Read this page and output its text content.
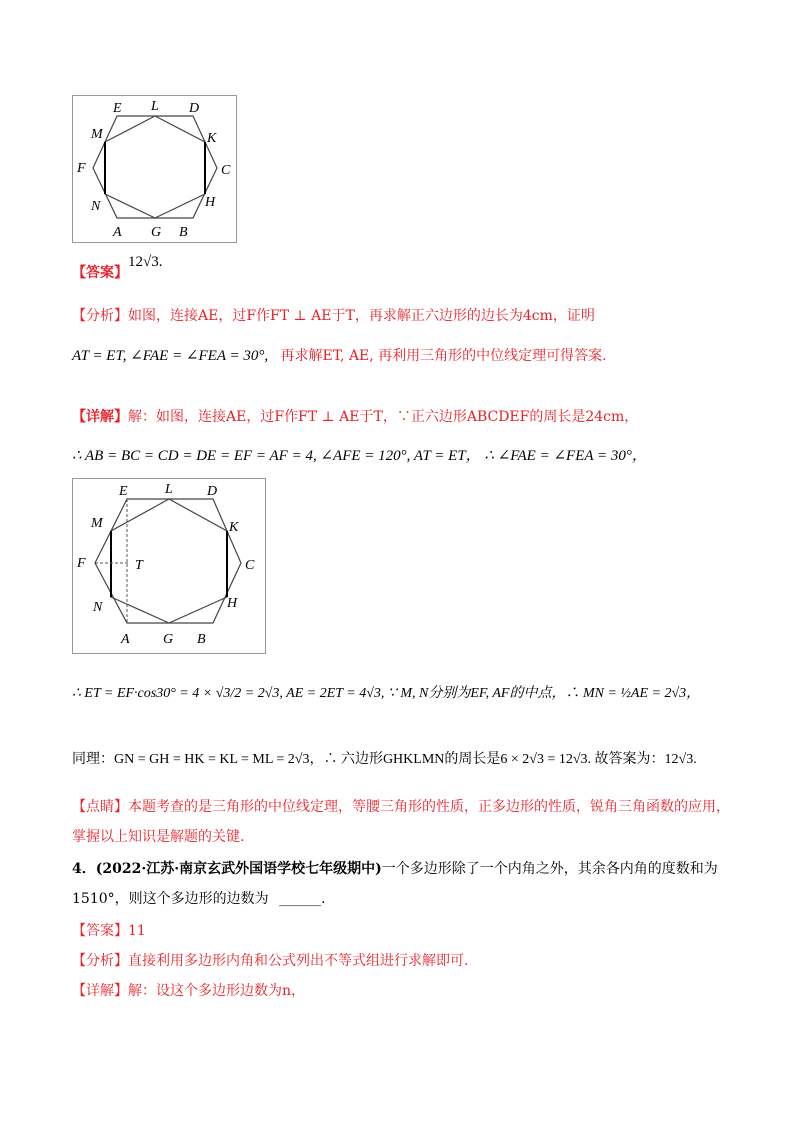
E L D
M	K
F	C
N	H
A G B
【答案】
12√3.
【分析】如图，连接AE，过F作FT ⊥ AE于T，再求解正六边形的边长为4cm，证明
AT = ET, ∠FAE = ∠FEA = 30°, 再求解ET, AE, 再利用三角形的中位线定理可得答案.
【详解】解：如图，连接AE，过F作FT ⊥ AE于T，∵正六边形ABCDEF的周长是24cm，
∴ AB = BC = CD = DE = EF = AF = 4, ∠AFE = 120°, AT = ET， ∴ ∠FAE = ∠FEA = 30°，
E	L D
M	K
F	T	C
N	H
A G B
∴ ET = EF·cos30° = 4 × √3/2 = 2√3, AE = 2ET = 4√3, ∵ M, N分别为EF, AF的中点，∴ MN = ½AE = 2√3，
同理：GN = GH = HK = KL = ML = 2√3，∴ 六边形GHKLMN的周长是6 × 2√3 = 12√3. 故答案为：12√3.
【点睛】本题考查的是三角形的中位线定理，等腰三角形的性质，正多边形的性质，锐角三角函数的应用，
掌握以上知识是解题的关键.
4．(2022·江苏·南京玄武外国语学校七年级期中)一个多边形除了一个内角之外，其余各内角的度数和为
1510°，则这个多边形的边数为 ______.
【答案】11
【分析】直接利用多边形内角和公式列出不等式组进行求解即可.
【详解】解：设这个多边形边数为n，
